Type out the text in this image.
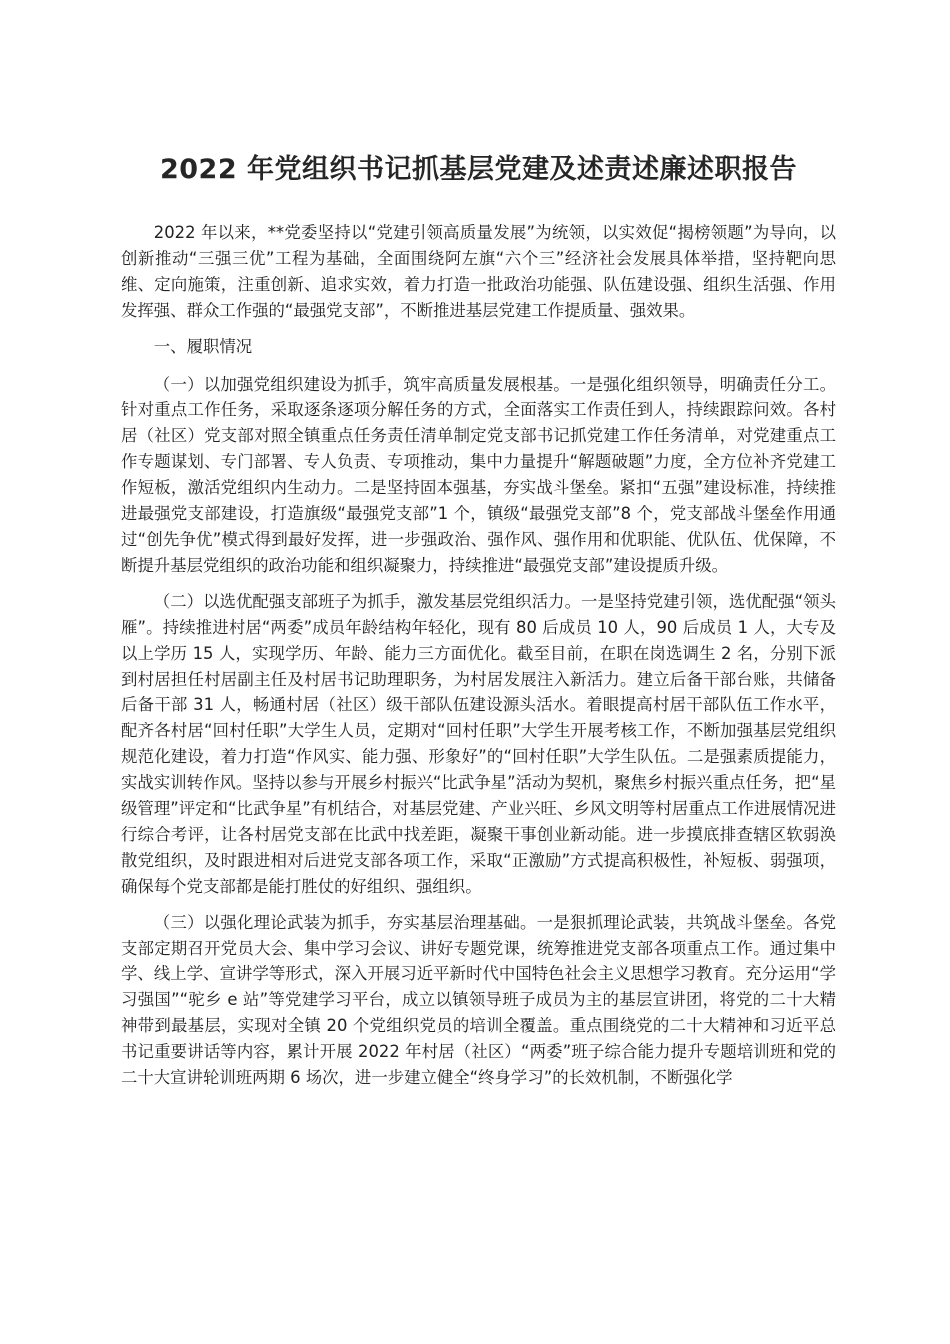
2022 年党组织书记抓基层党建及述责述廉述职报告

2022 年以来，**党委坚持以“党建引领高质量发展”为统领，以实效促“揭榜领题”为导向，以创新推动“三强三优”工程为基础，全面围绕阿左旗“六个三”经济社会发展具体举措，坚持靶向思维、定向施策，注重创新、追求实效，着力打造一批政治功能强、队伍建设强、组织生活强、作用发挥强、群众工作强的“最强党支部”，不断推进基层党建工作提质量、强效果。

一、履职情况

（一）以加强党组织建设为抓手，筑牢高质量发展根基。一是强化组织领导，明确责任分工。针对重点工作任务，采取逐条逐项分解任务的方式，全面落实工作责任到人，持续跟踪问效。各村居（社区）党支部对照全镇重点任务责任清单制定党支部书记抓党建工作任务清单，对党建重点工作专题谋划、专门部署、专人负责、专项推动，集中力量提升“解题破题”力度，全方位补齐党建工作短板，激活党组织内生动力。二是坚持固本强基，夯实战斗堡垒。紧扣“五强”建设标准，持续推进最强党支部建设，打造旗级“最强党支部”1 个，镇级“最强党支部”8 个，党支部战斗堡垒作用通过“创先争优”模式得到最好发挥，进一步强政治、强作风、强作用和优职能、优队伍、优保障，不断提升基层党组织的政治功能和组织凝聚力，持续推进“最强党支部”建设提质升级。

（二）以选优配强支部班子为抓手，激发基层党组织活力。一是坚持党建引领，选优配强“领头雁”。持续推进村居“两委”成员年龄结构年轻化，现有 80 后成员 10 人，90 后成员 1 人，大专及以上学历 15 人，实现学历、年龄、能力三方面优化。截至目前，在职在岗选调生 2 名，分别下派到村居担任村居副主任及村居书记助理职务，为村居发展注入新活力。建立后备干部台账，共储备后备干部 31 人，畅通村居（社区）级干部队伍建设源头活水。着眼提高村居干部队伍工作水平，配齐各村居“回村任职”大学生人员，定期对“回村任职”大学生开展考核工作，不断加强基层党组织规范化建设，着力打造“作风实、能力强、形象好”的“回村任职”大学生队伍。二是强素质提能力，实战实训转作风。坚持以参与开展乡村振兴“比武争星”活动为契机，聚焦乡村振兴重点任务，把“星级管理”评定和“比武争星”有机结合，对基层党建、产业兴旺、乡风文明等村居重点工作进展情况进行综合考评，让各村居党支部在比武中找差距，凝聚干事创业新动能。进一步摸底排查辖区软弱涣散党组织，及时跟进相对后进党支部各项工作，采取“正激励”方式提高积极性，补短板、弱强项，确保每个党支部都是能打胜仗的好组织、强组织。

（三）以强化理论武装为抓手，夯实基层治理基础。一是狠抓理论武装，共筑战斗堡垒。各党支部定期召开党员大会、集中学习会议、讲好专题党课，统筹推进党支部各项重点工作。通过集中学、线上学、宣讲学等形式，深入开展习近平新时代中国特色社会主义思想学习教育。充分运用“学习强国”“驼乡 e 站”等党建学习平台，成立以镇领导班子成员为主的基层宣讲团，将党的二十大精神带到最基层，实现对全镇 20 个党组织党员的培训全覆盖。重点围绕党的二十大精神和习近平总书记重要讲话等内容，累计开展 2022 年村居（社区）“两委”班子综合能力提升专题培训班和党的二十大宣讲轮训班两期 6 场次，进一步建立健全“终身学习”的长效机制，不断强化学
